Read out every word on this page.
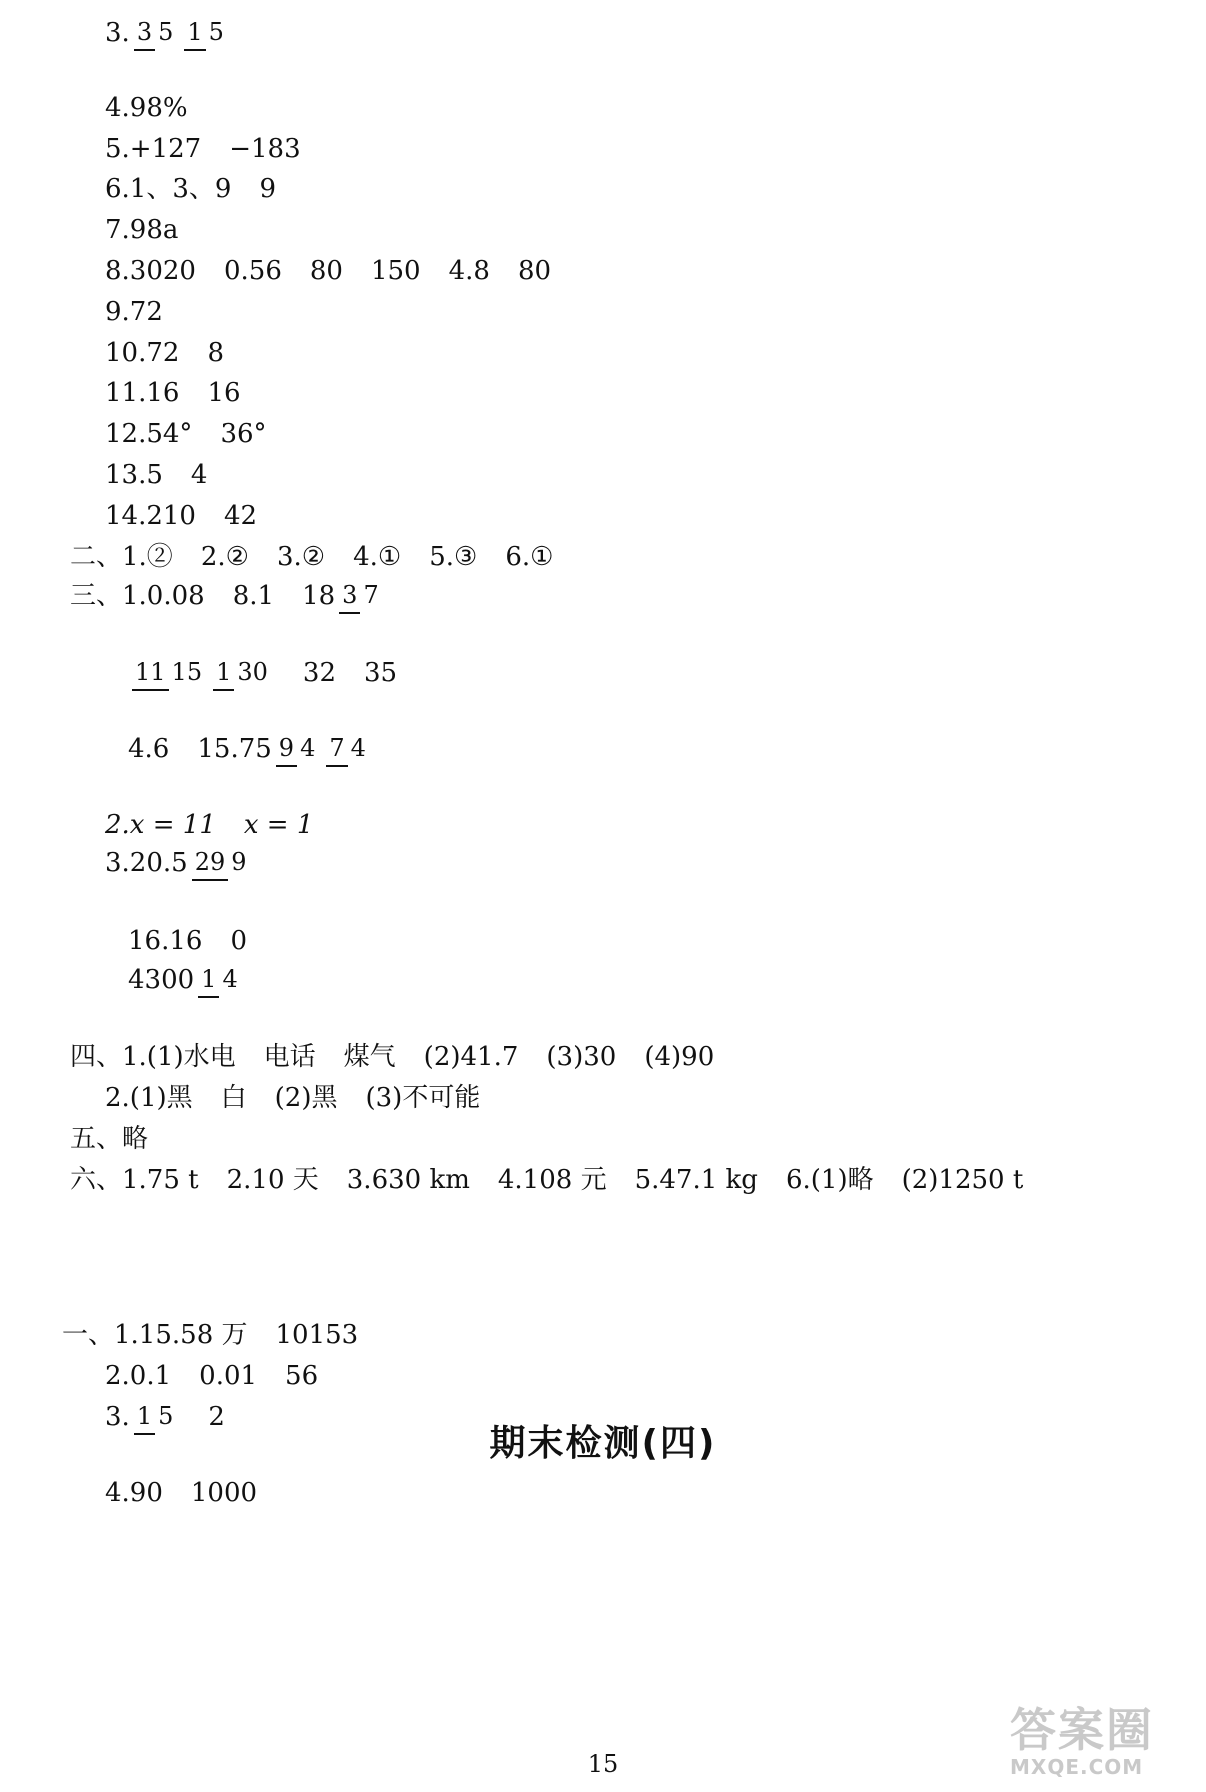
3. 3 5 1 5
4.98%
5.+127 −183
6.1、3、9 9
7.98a
8.3020 0.56 80 150 4.8 80
9.72
10.72 8
11.16 16
12.54° 36°
13.5 4
14.210 42
二、1.② 2.② 3.② 4.① 5.③ 6.①
三、1.0.08 8.1 18 3 7
11 15 1 30 32 35
4.6 15.75 9 4 7 4
2.x = 11 x = 1
3.20.5 29 9
16.16 0
4300 1 4
四、1.(1)水电 电话 煤气 (2)41.7 (3)30 (4)90
2.(1)黑 白 (2)黑 (3)不可能
五、略
六、1.75 t 2.10 天 3.630 km 4.108 元 5.47.1 kg 6.(1)略 (2)1250 t
期末检测(四)
一、1.15.58 万 10153
2.0.1 0.01 56
3. 1 5 2
4.90 1000
15
答案圈
MXQE.COM
